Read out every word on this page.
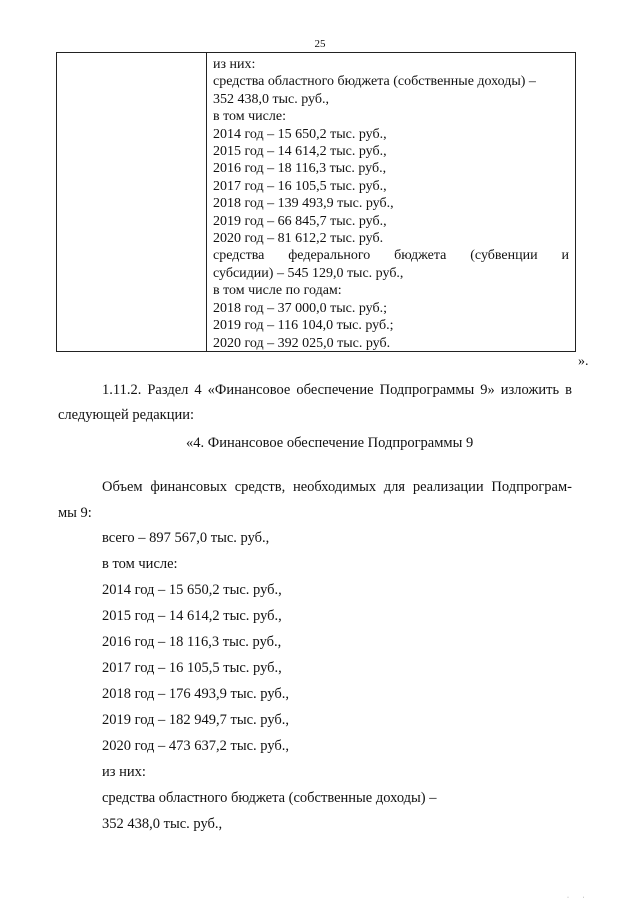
25
из них:
средства областного бюджета (собственные доходы) –
352 438,0 тыс. руб.,
в том числе:
2014 год – 15 650,2 тыс. руб.,
2015 год – 14 614,2 тыс. руб.,
2016 год – 18 116,3 тыс. руб.,
2017 год – 16 105,5 тыс. руб.,
2018 год – 139 493,9 тыс. руб.,
2019 год – 66 845,7 тыс. руб.,
2020 год – 81 612,2 тыс. руб.
средства федерального бюджета (субвенции и
субсидии) – 545 129,0 тыс. руб.,
в том числе по годам:
2018 год – 37 000,0 тыс. руб.;
2019 год – 116 104,0 тыс. руб.;
2020 год – 392 025,0 тыс. руб.
».
1.11.2. Раздел 4 «Финансовое обеспечение Подпрограммы 9» изложить в
следующей редакции:
«4. Финансовое обеспечение Подпрограммы 9
Объем финансовых средств, необходимых для реализации Подпрограм-
мы 9:
всего – 897 567,0 тыс. руб.,
в том числе:
2014 год – 15 650,2 тыс. руб.,
2015 год – 14 614,2 тыс. руб.,
2016 год – 18 116,3 тыс. руб.,
2017 год – 16 105,5 тыс. руб.,
2018 год – 176 493,9 тыс. руб.,
2019 год – 182 949,7 тыс. руб.,
2020 год – 473 637,2 тыс. руб.,
из них:
средства областного бюджета (собственные доходы) –
352 438,0 тыс. руб.,
· ·
